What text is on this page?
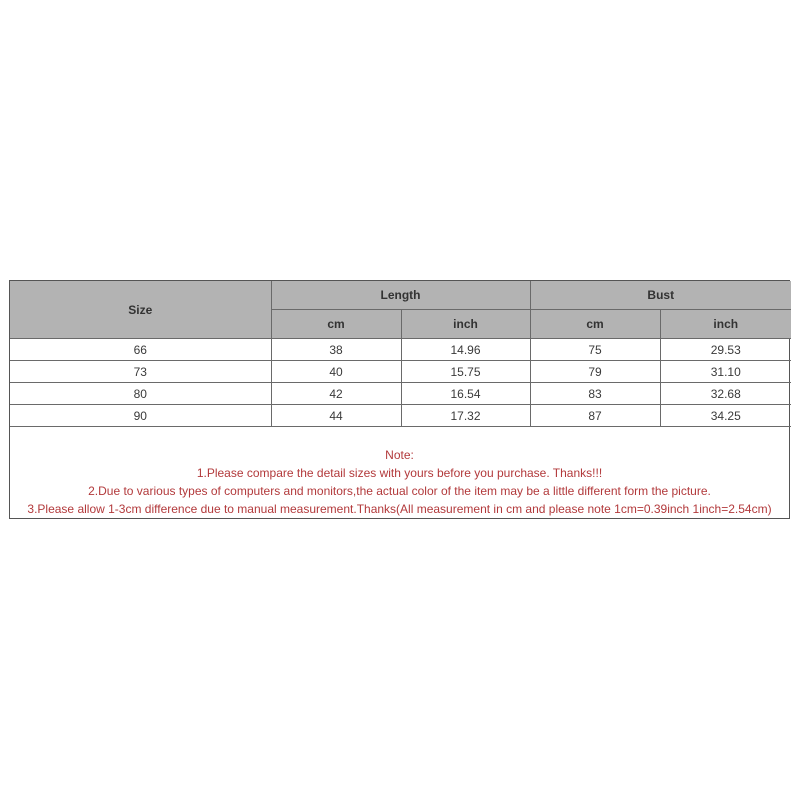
Size	Length		Bust	
	cm	inch	cm	inch
66	38	14.96	75	29.53
73	40	15.75	79	31.10
80	42	16.54	83	32.68
90	44	17.32	87	34.25
Note:
1.Please compare the detail sizes with yours before you purchase. Thanks!!!
2.Due to various types of computers and monitors,the actual color of the item may be a little different form the picture.
3.Please allow 1-3cm difference due to manual measurement.Thanks(All measurement in cm and please note 1cm=0.39inch 1inch=2.54cm)
